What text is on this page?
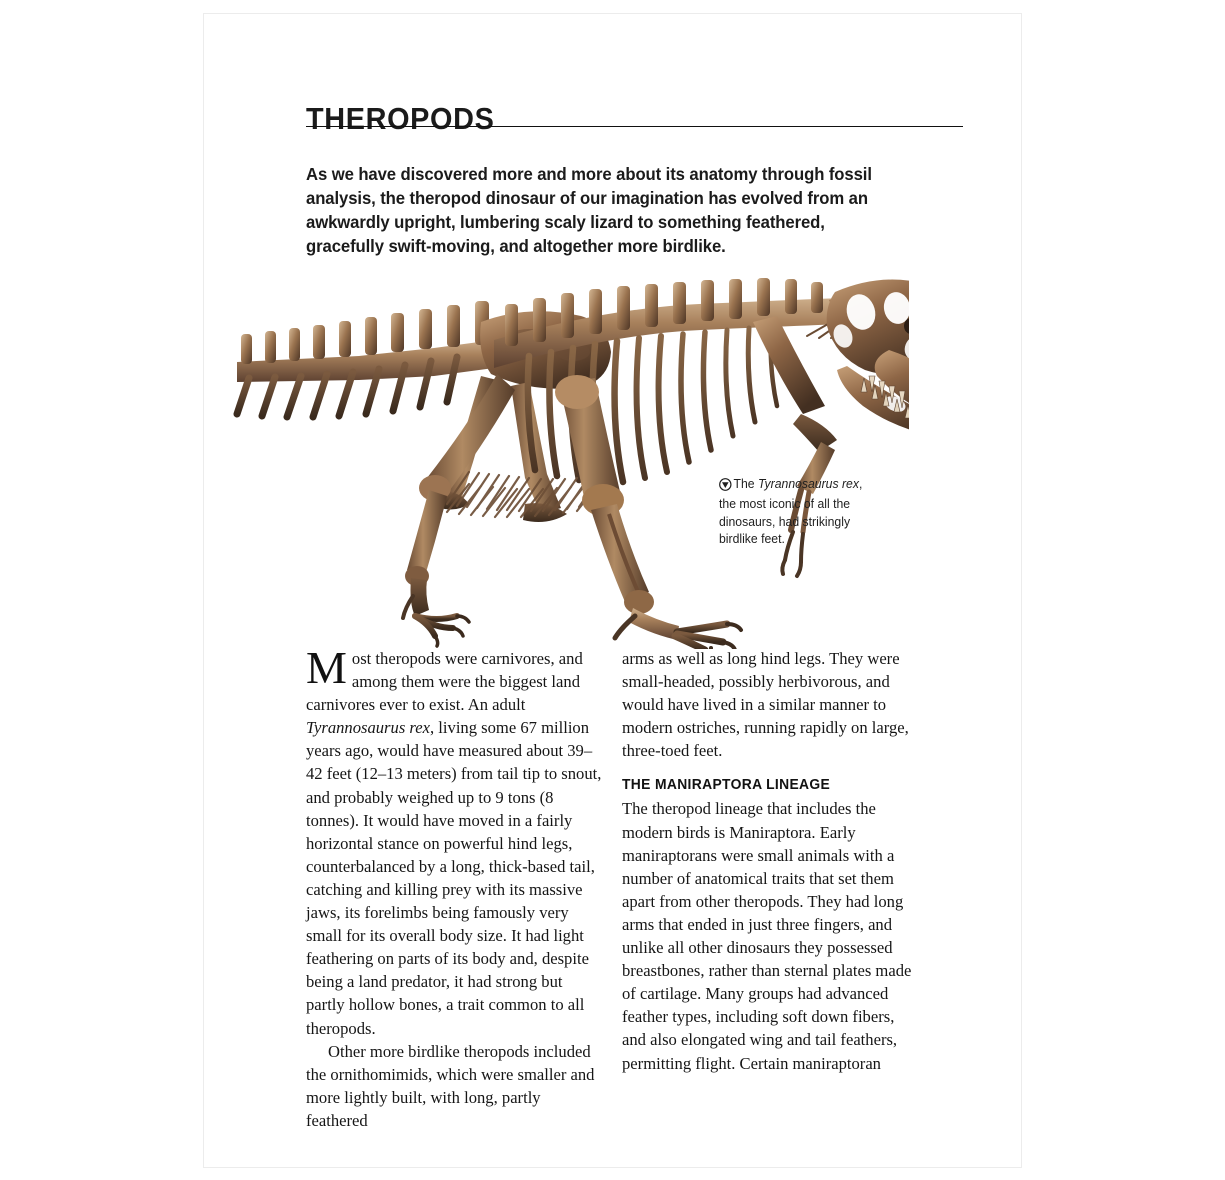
THEROPODS

As we have discovered more and more about its anatomy through fossil analysis, the theropod dinosaur of our imagination has evolved from an awkwardly upright, lumbering scaly lizard to something feathered, gracefully swift-moving, and altogether more birdlike.

The Tyrannosaurus rex, the most iconic of all the dinosaurs, had strikingly birdlike feet.

Most theropods were carnivores, and among them were the biggest land carnivores ever to exist. An adult Tyrannosaurus rex, living some 67 million years ago, would have measured about 39–42 feet (12–13 meters) from tail tip to snout, and probably weighed up to 9 tons (8 tonnes). It would have moved in a fairly horizontal stance on powerful hind legs, counterbalanced by a long, thick-based tail, catching and killing prey with its massive jaws, its forelimbs being famously very small for its overall body size. It had light feathering on parts of its body and, despite being a land predator, it had strong but partly hollow bones, a trait common to all theropods.

Other more birdlike theropods included the ornithomimids, which were smaller and more lightly built, with long, partly feathered

arms as well as long hind legs. They were small-headed, possibly herbivorous, and would have lived in a similar manner to modern ostriches, running rapidly on large, three-toed feet.

THE MANIRAPTORA LINEAGE

The theropod lineage that includes the modern birds is Maniraptora. Early maniraptorans were small animals with a number of anatomical traits that set them apart from other theropods. They had long arms that ended in just three fingers, and unlike all other dinosaurs they possessed breastbones, rather than sternal plates made of cartilage. Many groups had advanced feather types, including soft down fibers, and also elongated wing and tail feathers, permitting flight. Certain maniraptoran
